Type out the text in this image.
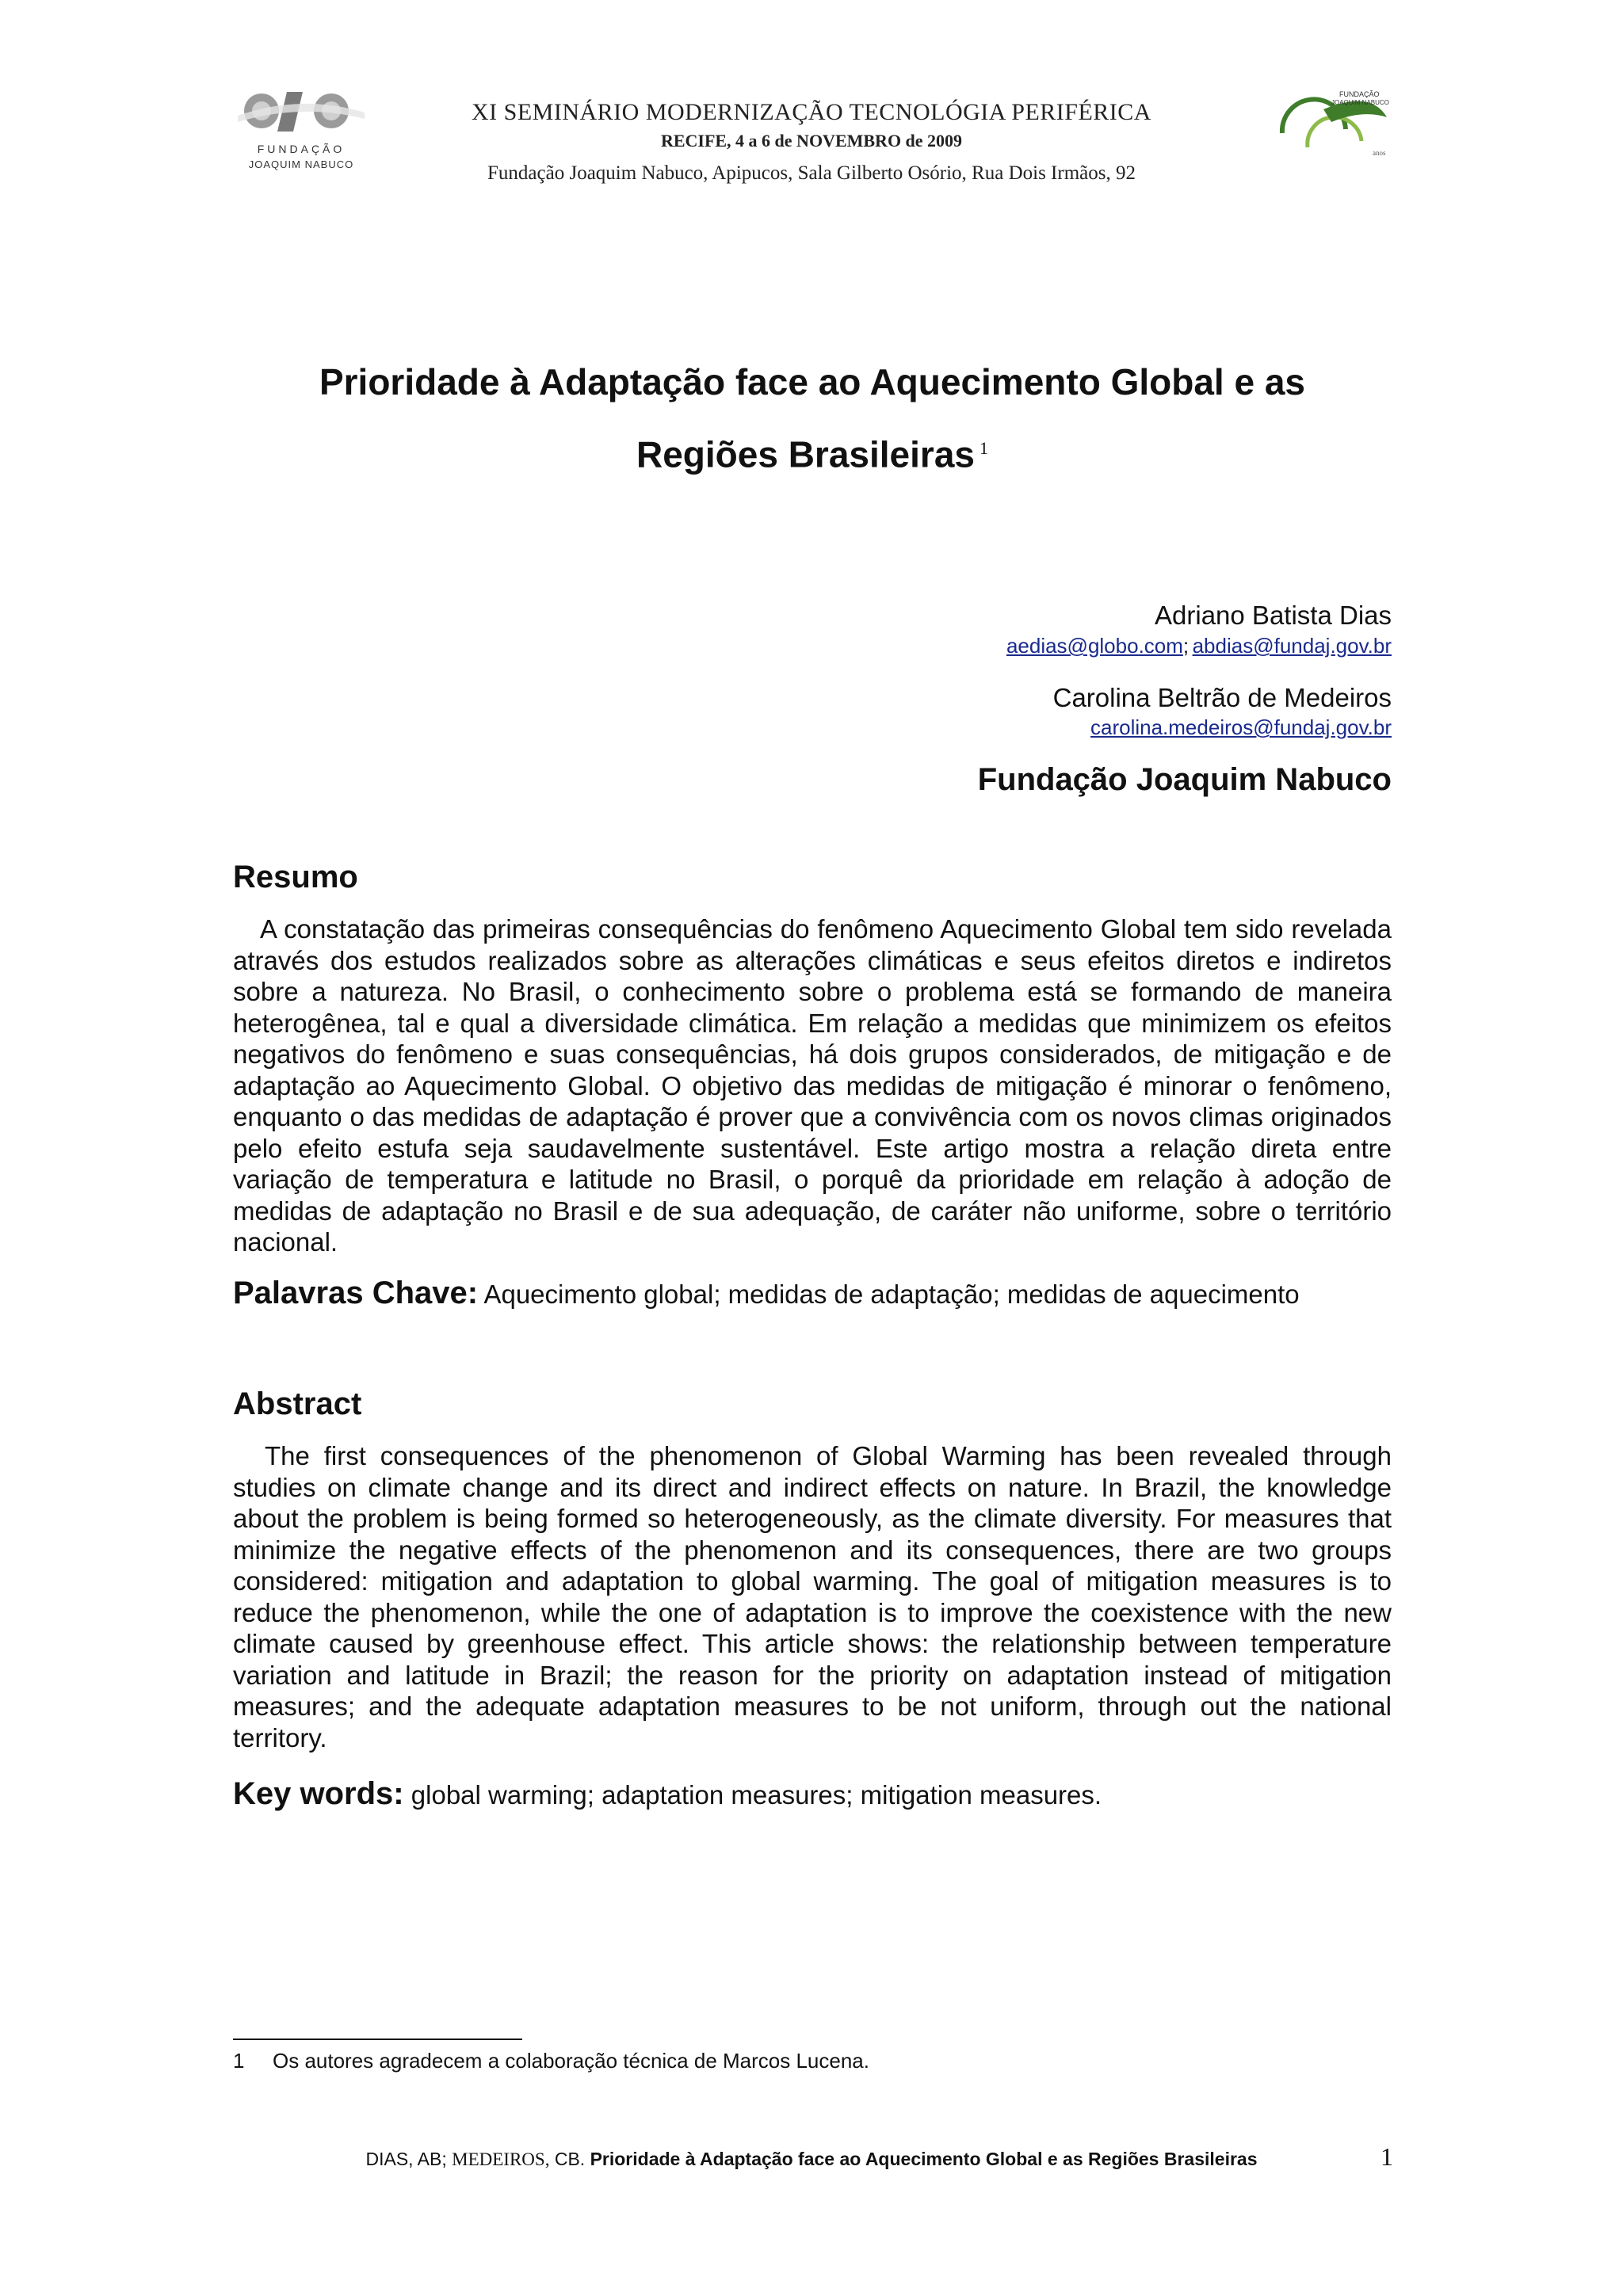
FUNDAÇÃO
JOAQUIM NABUCO
FUNDAÇÃO
JOAQUIM NABUCO
anos
XI SEMINÁRIO MODERNIZAÇÃO TECNOLÓGIA PERIFÉRICA
RECIFE, 4 a 6 de NOVEMBRO de 2009
Fundação Joaquim Nabuco, Apipucos, Sala Gilberto Osório, Rua Dois Irmãos, 92
Prioridade à Adaptação face ao Aquecimento Global e as
Regiões Brasileiras $^1$
Adriano Batista Dias
aedias@globo.com; abdias@fundaj.gov.br
Carolina Beltrão de Medeiros
carolina.medeiros@fundaj.gov.br
Fundação Joaquim Nabuco
Resumo
A constatação das primeiras consequências do fenômeno Aquecimento Global tem sido revelada através dos estudos realizados sobre as alterações climáticas e seus efeitos diretos e indiretos sobre a natureza. No Brasil, o conhecimento sobre o problema está se formando de maneira heterogênea, tal e qual a diversidade climática. Em relação a medidas que minimizem os efeitos negativos do fenômeno e suas consequências, há dois grupos considerados, de mitigação e de adaptação ao Aquecimento Global. O objetivo das medidas de mitigação é minorar o fenômeno, enquanto o das medidas de adaptação é prover que a convivência com os novos climas originados pelo efeito estufa seja saudavelmente sustentável. Este artigo mostra a relação direta entre variação de temperatura e latitude no Brasil, o porquê da prioridade em relação à adoção de medidas de adaptação no Brasil e de sua adequação, de caráter não uniforme, sobre o território nacional.
Palavras Chave: Aquecimento global; medidas de adaptação; medidas de aquecimento
Abstract
The first consequences of the phenomenon of Global Warming has been revealed through studies on climate change and its direct and indirect effects on nature. In Brazil, the knowledge about the problem is being formed so heterogeneously, as the climate diversity. For measures that minimize the negative effects of the phenomenon and its consequences, there are two groups considered: mitigation and adaptation to global warming. The goal of mitigation measures is to reduce the phenomenon, while the one of adaptation is to improve the coexistence with the new climate caused by greenhouse effect. This article shows: the relationship between temperature variation and latitude in Brazil; the reason for the priority on adaptation instead of mitigation measures; and the adequate adaptation measures to be not uniform, through out the national territory.
Key words: global warming; adaptation measures; mitigation measures.
1 Os autores agradecem a colaboração técnica de Marcos Lucena.
DIAS, AB; MEDEIROS, CB. Prioridade à Adaptação face ao Aquecimento Global e as Regiões Brasileiras	1
